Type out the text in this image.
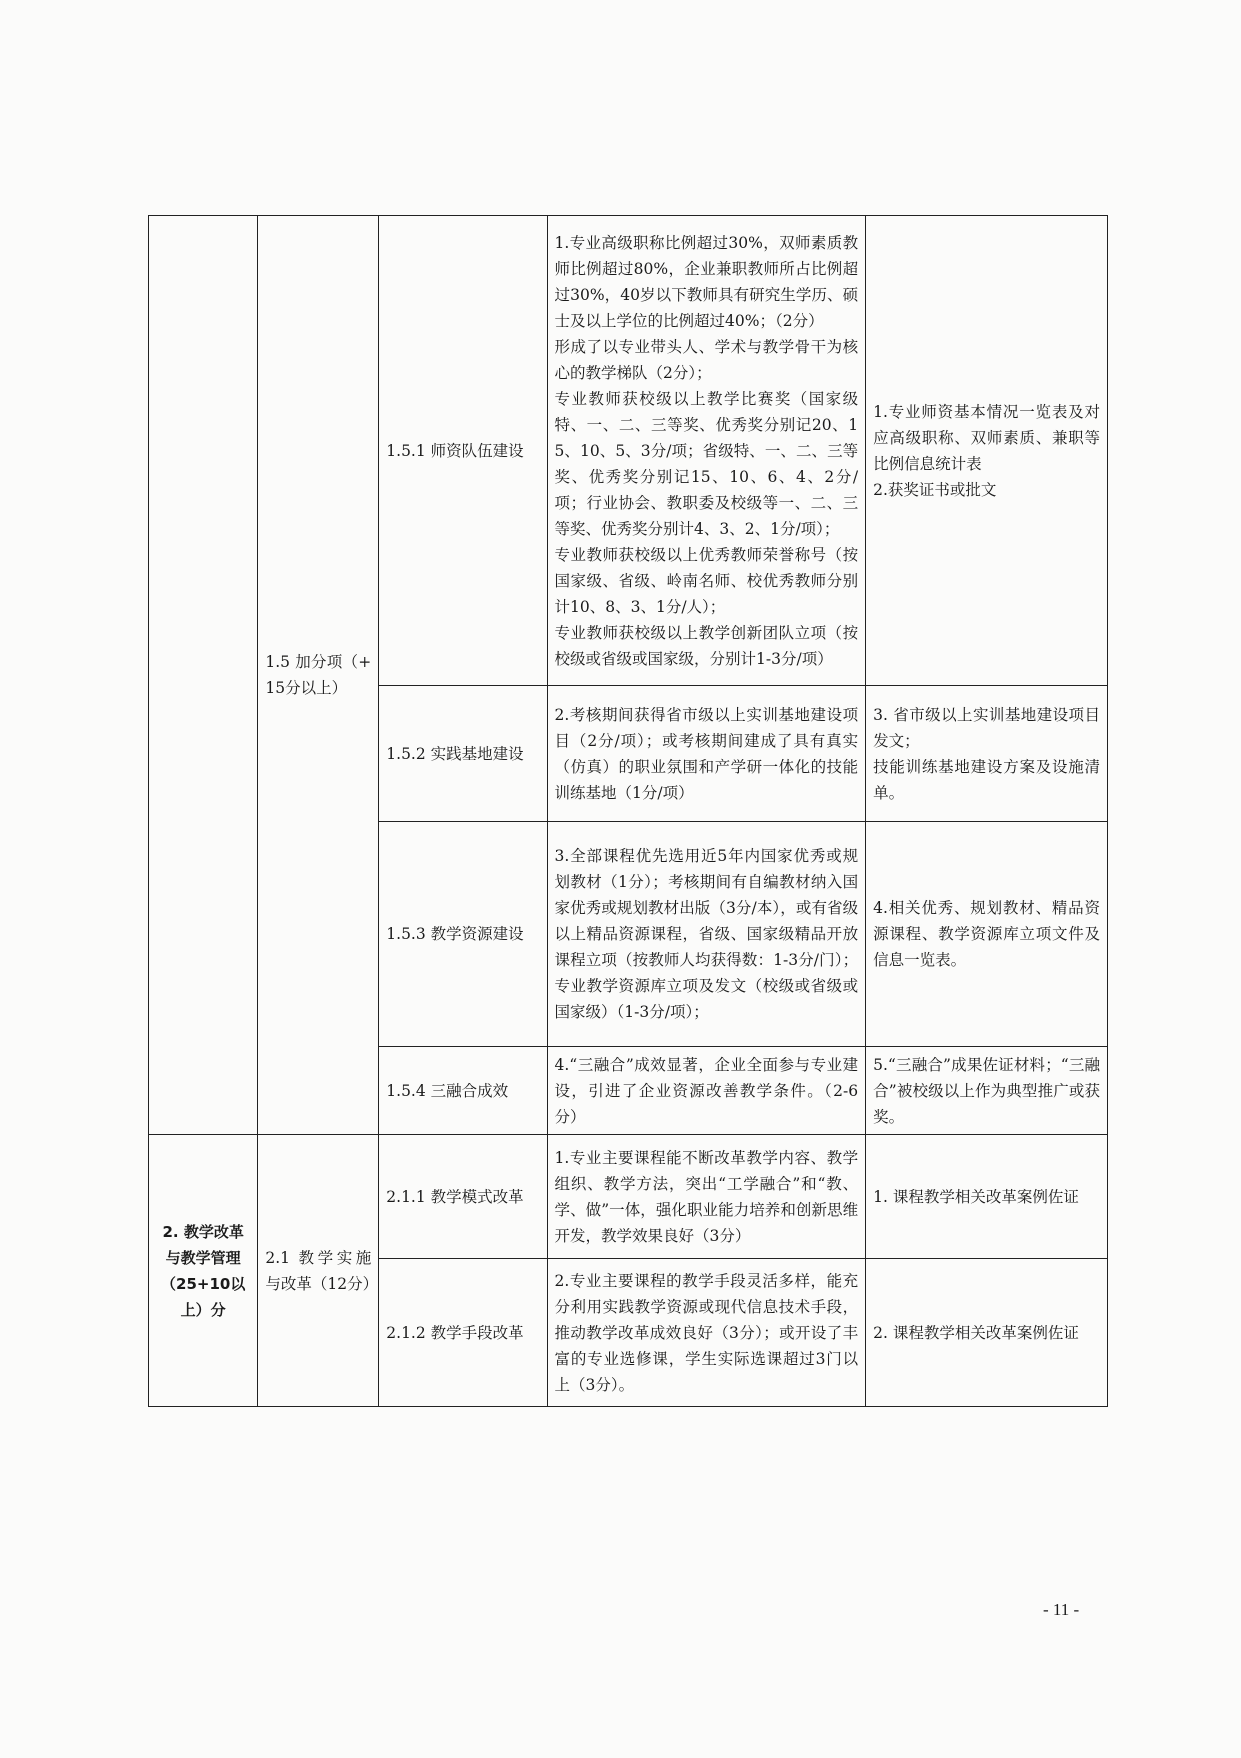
	1.5 加分项（+15分以上）	1.5.1 师资队伍建设	1.专业高级职称比例超过30%，双师素质教师比例超过80%，企业兼职教师所占比例超过30%，40岁以下教师具有研究生学历、硕士及以上学位的比例超过40%；（2分）
形成了以专业带头人、学术与教学骨干为核心的教学梯队（2分）；
专业教师获校级以上教学比赛奖（国家级特、一、二、三等奖、优秀奖分别记20、15、10、5、3分/项；省级特、一、二、三等奖、优秀奖分别记15、10、6、4、2分/项；行业协会、教职委及校级等一、二、三等奖、优秀奖分别计4、3、2、1分/项）；
专业教师获校级以上优秀教师荣誉称号（按国家级、省级、岭南名师、校优秀教师分别计10、8、3、1分/人）；
专业教师获校级以上教学创新团队立项（按校级或省级或国家级，分别计1-3分/项）	1.专业师资基本情况一览表及对应高级职称、双师素质、兼职等比例信息统计表
2.获奖证书或批文

		1.5.2 实践基地建设	2.考核期间获得省市级以上实训基地建设项目（2分/项）；或考核期间建成了具有真实（仿真）的职业氛围和产学研一体化的技能训练基地（1分/项）	3. 省市级以上实训基地建设项目发文；
技能训练基地建设方案及设施清单。

		1.5.3 教学资源建设	3.全部课程优先选用近5年内国家优秀或规划教材（1分）；考核期间有自编教材纳入国家优秀或规划教材出版（3分/本），或有省级以上精品资源课程，省级、国家级精品开放课程立项（按教师人均获得数：1-3分/门）；专业教学资源库立项及发文（校级或省级或国家级）（1-3分/项）；	4.相关优秀、规划教材、精品资源课程、教学资源库立项文件及信息一览表。

		1.5.4 三融合成效	4.“三融合”成效显著，企业全面参与专业建设，引进了企业资源改善教学条件。（2-6分）	5.“三融合”成果佐证材料；“三融合”被校级以上作为典型推广或获奖。

2. 教学改革与教学管理（25+10以上）分	2.1 教学实施与改革（12分）	2.1.1 教学模式改革	1.专业主要课程能不断改革教学内容、教学组织、教学方法，突出“工学融合”和“教、学、做”一体，强化职业能力培养和创新思维开发，教学效果良好（3分）	1. 课程教学相关改革案例佐证

		2.1.2 教学手段改革	2.专业主要课程的教学手段灵活多样，能充分利用实践教学资源或现代信息技术手段，推动教学改革成效良好（3分）；或开设了丰富的专业选修课，学生实际选课超过3门以上（3分）。	2. 课程教学相关改革案例佐证
- 11 -
